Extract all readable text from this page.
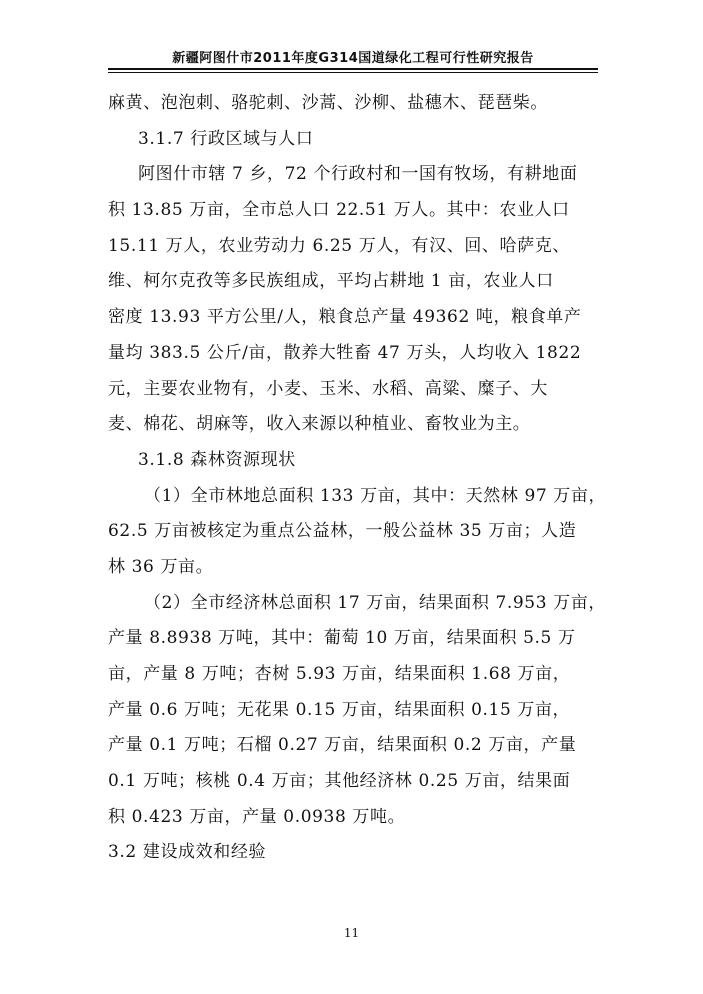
新疆阿图什市2011年度G314国道绿化工程可行性研究报告
麻黄、泡泡刺、骆驼刺、沙蒿、沙柳、盐穗木、琵琶柴。
3.1.7 行政区域与人口
阿图什市辖 7 乡，72 个行政村和一国有牧场，有耕地面
积 13.85 万亩，全市总人口 22.51 万人。其中：农业人口
15.11 万人，农业劳动力 6.25 万人，有汉、回、哈萨克、
维、柯尔克孜等多民族组成，平均占耕地 1 亩，农业人口
密度 13.93 平方公里/人，粮食总产量 49362 吨，粮食单产
量均 383.5 公斤/亩，散养大牲畜 47 万头，人均收入 1822
元，主要农业物有，小麦、玉米、水稻、高粱、糜子、大
麦、棉花、胡麻等，收入来源以种植业、畜牧业为主。
3.1.8 森林资源现状
（1）全市林地总面积 133 万亩，其中：天然林 97 万亩，
62.5 万亩被核定为重点公益林，一般公益林 35 万亩；人造
林 36 万亩。
（2）全市经济林总面积 17 万亩，结果面积 7.953 万亩，
产量 8.8938 万吨，其中：葡萄 10 万亩，结果面积 5.5 万
亩，产量 8 万吨；杏树 5.93 万亩，结果面积 1.68 万亩，
产量 0.6 万吨；无花果 0.15 万亩，结果面积 0.15 万亩，
产量 0.1 万吨；石榴 0.27 万亩，结果面积 0.2 万亩，产量
0.1 万吨；核桃 0.4 万亩；其他经济林 0.25 万亩，结果面
积 0.423 万亩，产量 0.0938 万吨。
3.2 建设成效和经验
11
